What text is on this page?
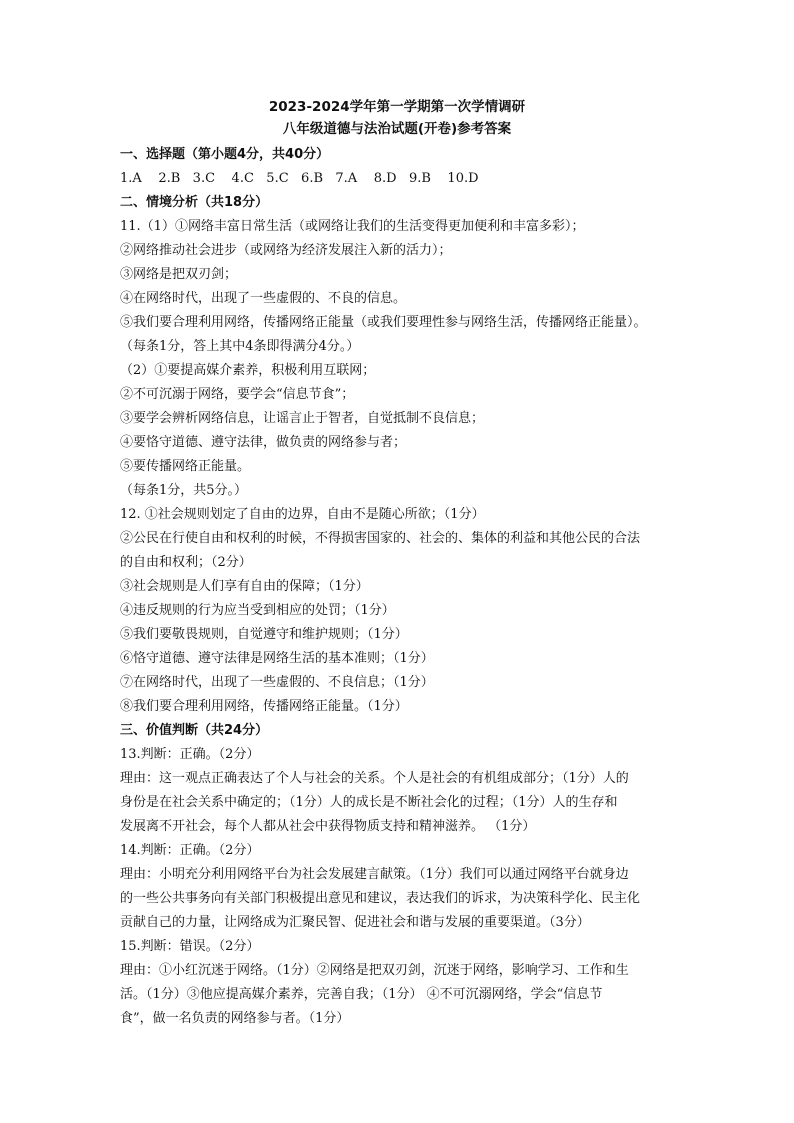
2023-2024学年第一学期第一次学情调研
八年级道德与法治试题(开卷)参考答案
一、选择题（第小题4分，共40分）
1.A    2.B   3.C    4.C   5.C   6.B   7.A    8.D   9.B    10.D
二、情境分析（共18分）
11.（1）①网络丰富日常生活（或网络让我们的生活变得更加便利和丰富多彩）；
②网络推动社会进步（或网络为经济发展注入新的活力）；
③网络是把双刃剑；
④在网络时代，出现了一些虚假的、不良的信息。
⑤我们要合理利用网络，传播网络正能量（或我们要理性参与网络生活，传播网络正能量）。
（每条1分，答上其中4条即得满分4分。）
（2）①要提高媒介素养，积极利用互联网；
②不可沉溺于网络，要学会“信息节食”；
③要学会辨析网络信息，让谣言止于智者，自觉抵制不良信息；
④要恪守道德、遵守法律，做负责的网络参与者；
⑤要传播网络正能量。
（每条1分，共5分。）
12. ①社会规则划定了自由的边界，自由不是随心所欲；（1分）
②公民在行使自由和权利的时候，不得损害国家的、社会的、集体的利益和其他公民的合法
的自由和权利；（2分）
③社会规则是人们享有自由的保障；（1分）
④违反规则的行为应当受到相应的处罚；（1分）
⑤我们要敬畏规则，自觉遵守和维护规则；（1分）
⑥恪守道德、遵守法律是网络生活的基本准则；（1分）
⑦在网络时代，出现了一些虚假的、不良信息；（1分）
⑧我们要合理利用网络，传播网络正能量。（1分）
三、价值判断（共24分）
13.判断：正确。（2分）
理由：这一观点正确表达了个人与社会的关系。个人是社会的有机组成部分；（1分）人的
身份是在社会关系中确定的；（1分）人的成长是不断社会化的过程；（1分）人的生存和
发展离不开社会，每个人都从社会中获得物质支持和精神滋养。 （1分）
14.判断：正确。（2分）
理由：小明充分利用网络平台为社会发展建言献策。（1分）我们可以通过网络平台就身边
的一些公共事务向有关部门积极提出意见和建议，表达我们的诉求，为决策科学化、民主化
贡献自己的力量，让网络成为汇聚民智、促进社会和谐与发展的重要渠道。（3分）
15.判断：错误。（2分）
理由：①小红沉迷于网络。（1分）②网络是把双刃剑，沉迷于网络，影响学习、工作和生
活。（1分）③他应提高媒介素养，完善自我；（1分） ④不可沉溺网络，学会“信息节
食”，做一名负责的网络参与者。（1分）
